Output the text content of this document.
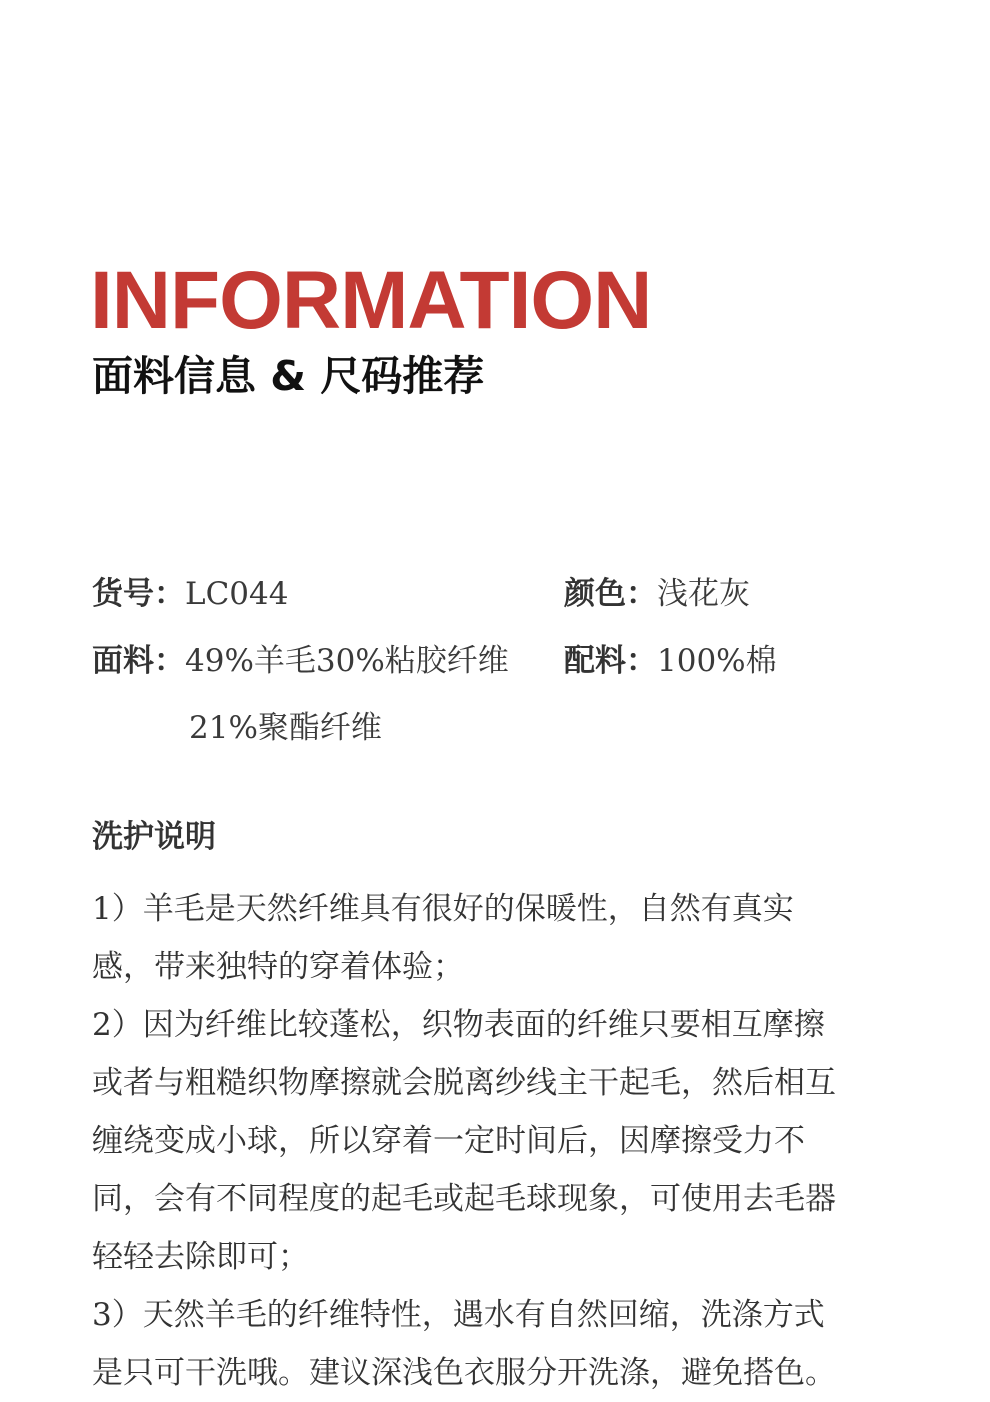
INFORMATION
面料信息 & 尺码推荐
货号：LC044	颜色：浅花灰
面料：49%羊毛30%粘胶纤维
21%聚酯纤维
配料：100%棉
洗护说明
1）羊毛是天然纤维具有很好的保暖性，自然有真实
感，带来独特的穿着体验；
2）因为纤维比较蓬松，织物表面的纤维只要相互摩擦
或者与粗糙织物摩擦就会脱离纱线主干起毛，然后相互
缠绕变成小球，所以穿着一定时间后，因摩擦受力不
同，会有不同程度的起毛或起毛球现象，可使用去毛器
轻轻去除即可；
3）天然羊毛的纤维特性，遇水有自然回缩，洗涤方式
是只可干洗哦。建议深浅色衣服分开洗涤，避免搭色。
